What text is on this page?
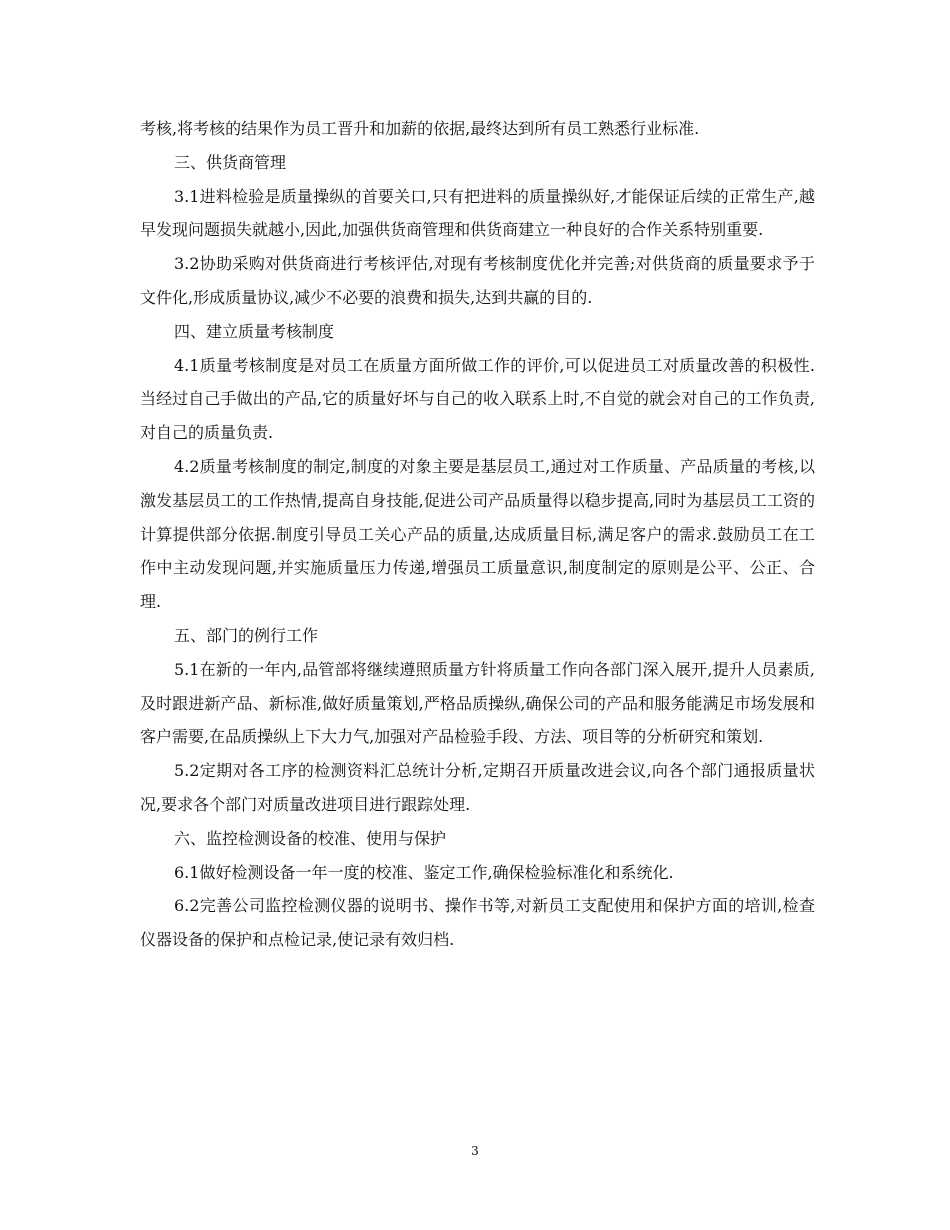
考核,将考核的结果作为员工晋升和加薪的依据,最终达到所有员工熟悉行业标准.

三、供货商管理

3.1进料检验是质量操纵的首要关口,只有把进料的质量操纵好,才能保证后续的正常生产,越早发现问题损失就越小,因此,加强供货商管理和供货商建立一种良好的合作关系特别重要.

3.2协助采购对供货商进行考核评估,对现有考核制度优化并完善;对供货商的质量要求予于文件化,形成质量协议,减少不必要的浪费和损失,达到共赢的目的.

四、建立质量考核制度

4.1质量考核制度是对员工在质量方面所做工作的评价,可以促进员工对质量改善的积极性.当经过自己手做出的产品,它的质量好坏与自己的收入联系上时,不自觉的就会对自己的工作负责,对自己的质量负责.

4.2质量考核制度的制定,制度的对象主要是基层员工,通过对工作质量、产品质量的考核,以激发基层员工的工作热情,提高自身技能,促进公司产品质量得以稳步提高,同时为基层员工工资的计算提供部分依据.制度引导员工关心产品的质量,达成质量目标,满足客户的需求.鼓励员工在工作中主动发现问题,并实施质量压力传递,增强员工质量意识,制度制定的原则是公平、公正、合理.

五、部门的例行工作

5.1在新的一年内,品管部将继续遵照质量方针将质量工作向各部门深入展开,提升人员素质,及时跟进新产品、新标准,做好质量策划,严格品质操纵,确保公司的产品和服务能满足市场发展和客户需要,在品质操纵上下大力气,加强对产品检验手段、方法、项目等的分析研究和策划.

5.2定期对各工序的检测资料汇总统计分析,定期召开质量改进会议,向各个部门通报质量状况,要求各个部门对质量改进项目进行跟踪处理.

六、监控检测设备的校准、使用与保护

6.1做好检测设备一年一度的校准、鉴定工作,确保检验标准化和系统化.

6.2完善公司监控检测仪器的说明书、操作书等,对新员工支配使用和保护方面的培训,检查仪器设备的保护和点检记录,使记录有效归档.

3
